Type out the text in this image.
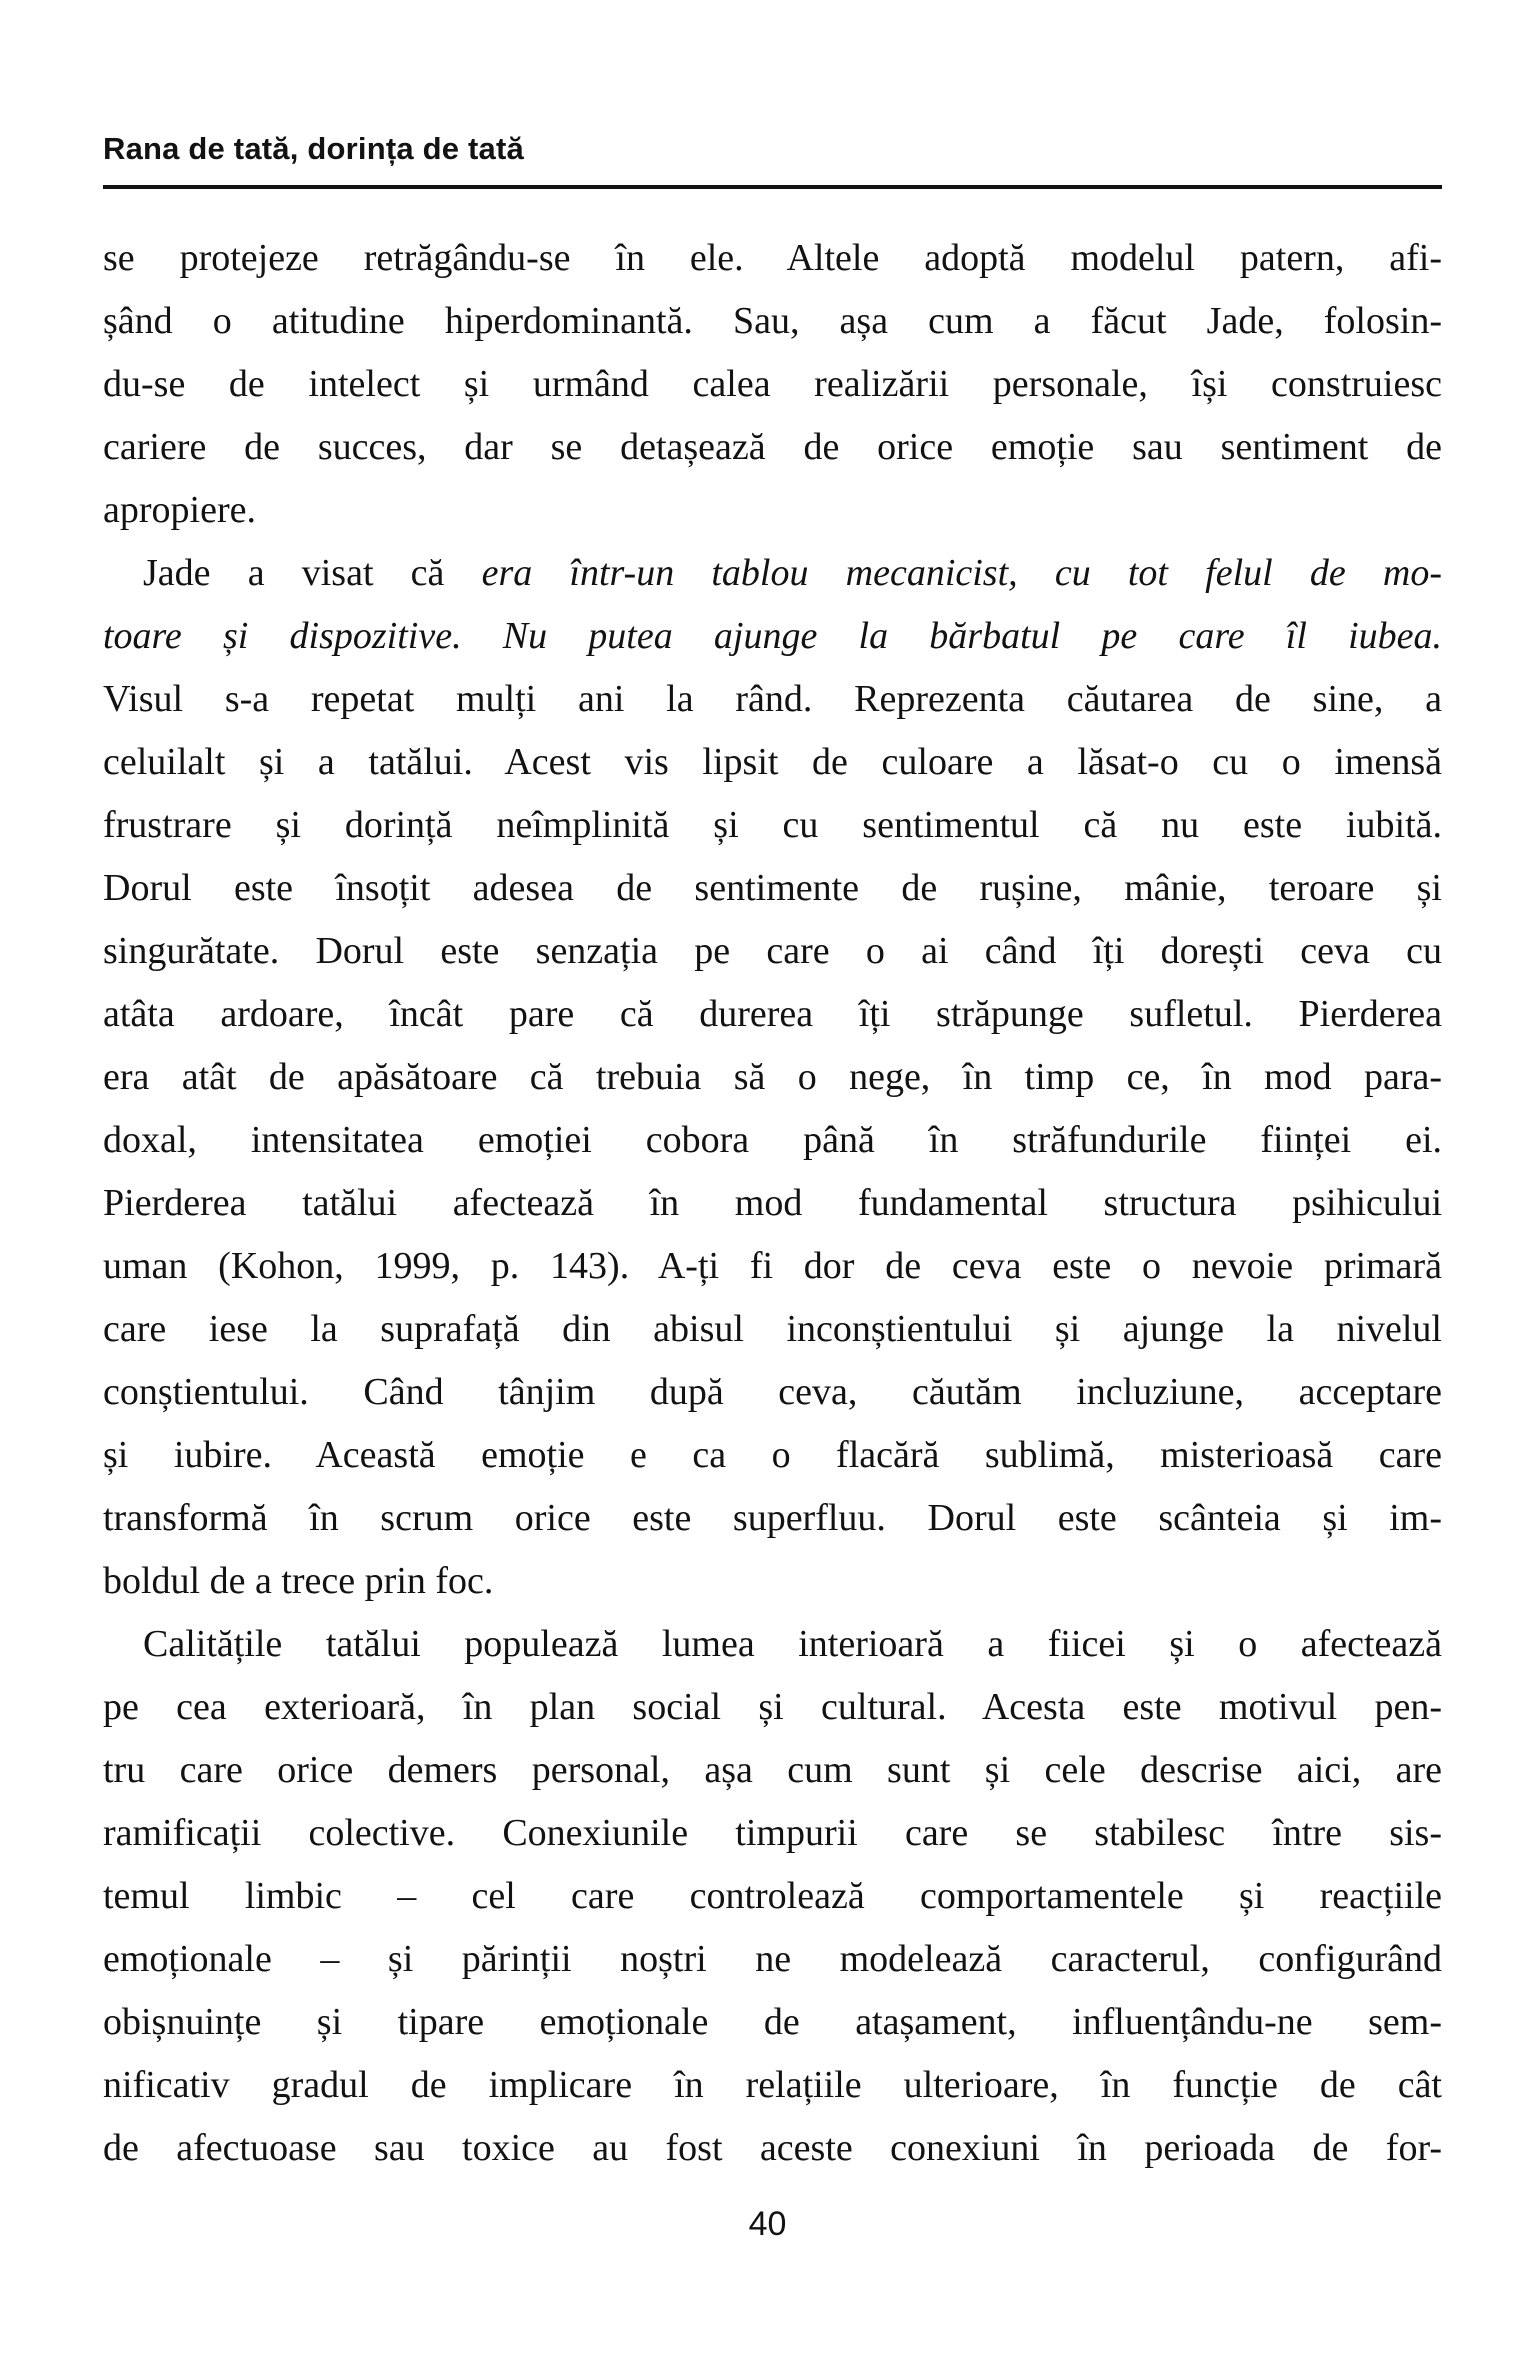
Rana de tată, dorința de tată
se protejeze retrăgându-se în ele. Altele adoptă modelul patern, afi-
șând o atitudine hiperdominantă. Sau, așa cum a făcut Jade, folosin-
du-se de intelect și urmând calea realizării personale, își construiesc
cariere de succes, dar se detașează de orice emoție sau sentiment de
apropiere.
Jade a visat că era într-un tablou mecanicist, cu tot felul de mo-
toare și dispozitive. Nu putea ajunge la bărbatul pe care îl iubea.
Visul s-a repetat mulți ani la rând. Reprezenta căutarea de sine, a
celuilalt și a tatălui. Acest vis lipsit de culoare a lăsat-o cu o imensă
frustrare și dorință neîmplinită și cu sentimentul că nu este iubită.
Dorul este însoțit adesea de sentimente de rușine, mânie, teroare și
singurătate. Dorul este senzația pe care o ai când îți dorești ceva cu
atâta ardoare, încât pare că durerea îți străpunge sufletul. Pierderea
era atât de apăsătoare că trebuia să o nege, în timp ce, în mod para-
doxal, intensitatea emoției cobora până în străfundurile ființei ei.
Pierderea tatălui afectează în mod fundamental structura psihicului
uman (Kohon, 1999, p. 143). A-ți fi dor de ceva este o nevoie primară
care iese la suprafață din abisul inconștientului și ajunge la nivelul
conștientului. Când tânjim după ceva, căutăm incluziune, acceptare
și iubire. Această emoție e ca o flacără sublimă, misterioasă care
transformă în scrum orice este superfluu. Dorul este scânteia și im-
boldul de a trece prin foc.
Calitățile tatălui populează lumea interioară a fiicei și o afectează
pe cea exterioară, în plan social și cultural. Acesta este motivul pen-
tru care orice demers personal, așa cum sunt și cele descrise aici, are
ramificații colective. Conexiunile timpurii care se stabilesc între sis-
temul limbic – cel care controlează comportamentele și reacțiile
emoționale – și părinții noștri ne modelează caracterul, configurând
obișnuințe și tipare emoționale de atașament, influențându-ne sem-
nificativ gradul de implicare în relațiile ulterioare, în funcție de cât
de afectuoase sau toxice au fost aceste conexiuni în perioada de for-
40
